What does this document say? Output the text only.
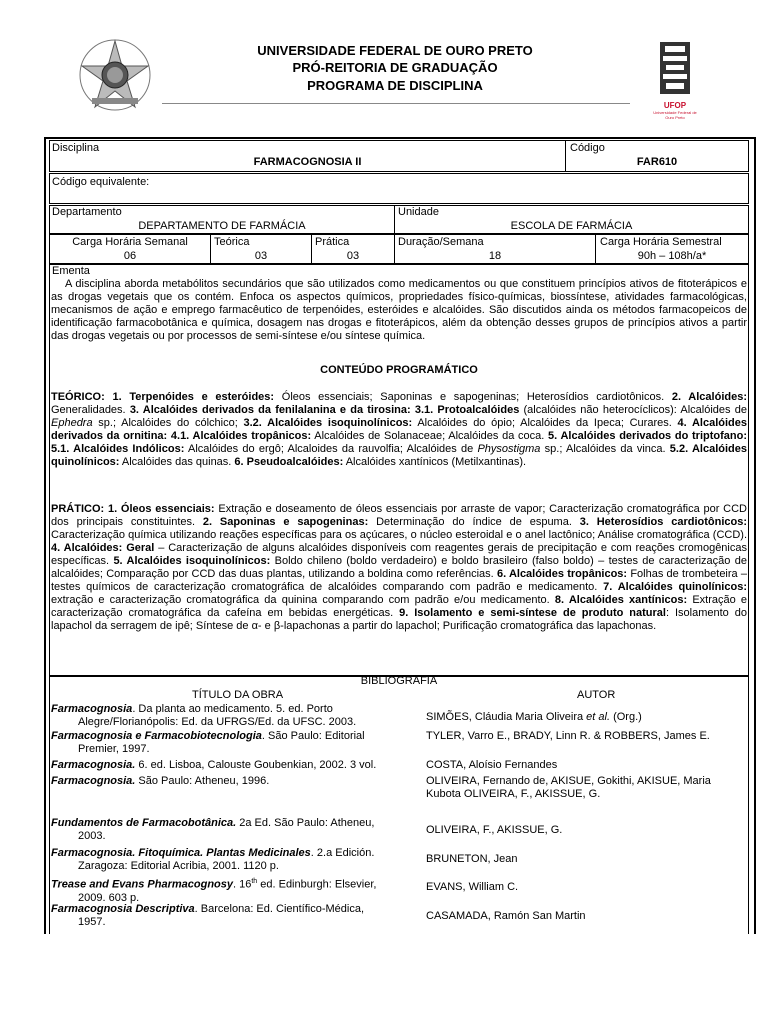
UNIVERSIDADE FEDERAL DE OURO PRETO
PRÓ-REITORIA DE GRADUAÇÃO
PROGRAMA DE DISCIPLINA
UFOP
Universidade Federal de Ouro Preto
Disciplina
FARMACOGNOSIA II
Código
FAR610
Código equivalente:
Departamento
DEPARTAMENTO DE FARMÁCIA
Unidade
ESCOLA DE FARMÁCIA
Carga Horária Semanal
06
Teórica
03
Prática
03
Duração/Semana
18
Carga Horária Semestral
90h – 108h/a*
Ementa
A disciplina aborda metabólitos secundários que são utilizados como medicamentos ou que constituem princípios ativos de fitoterápicos e as drogas vegetais que os contém. Enfoca os aspectos químicos, propriedades físico-químicas, biossíntese, atividades farmacológicas, mecanismos de ação e emprego farmacêutico de terpenóides, esteróides e alcalóides. São discutidos ainda os métodos farmacopeicos de identificação farmacobotânica e química, dosagem nas drogas e fitoterápicos, além da obtenção desses grupos de princípios ativos a partir das drogas vegetais ou por processos de semi-síntese e/ou síntese química.
CONTEÚDO PROGRAMÁTICO
TEÓRICO: 1. Terpenóides e esteróides: Óleos essenciais; Saponinas e sapogeninas; Heterosídios cardiotônicos. 2. Alcalóides: Generalidades. 3. Alcalóides derivados da fenilalanina e da tirosina: 3.1. Protoalcalóides (alcalóides não heterocíclicos): Alcalóides de Ephedra sp.; Alcalóides do cólchico; 3.2. Alcalóides isoquinolínicos: Alcalóides do ópio; Alcalóides da Ipeca; Curares. 4. Alcalóides derivados da ornitina: 4.1. Alcalóides tropânicos: Alcalóides de Solanaceae; Alcalóides da coca. 5. Alcalóides derivados do triptofano: 5.1. Alcalóides Indólicos: Alcalóides do ergô; Alcaloides da rauvolfia; Alcalóides de Physostigma sp.; Alcalóides da vinca. 5.2. Alcalóides quinolínicos: Alcalóides das quinas. 6. Pseudoalcalóides: Alcalóides xantínicos (Metilxantinas).
PRÁTICO: 1. Óleos essenciais: Extração e doseamento de óleos essenciais por arraste de vapor; Caracterização cromatográfica por CCD dos principais constituintes. 2. Saponinas e sapogeninas: Determinação do índice de espuma. 3. Heterosídios cardiotônicos: Caracterização química utilizando reações específicas para os açúcares, o núcleo esteroidal e o anel lactônico; Análise cromatográfica (CCD). 4. Alcalóides: Geral – Caracterização de alguns alcalóides disponíveis com reagentes gerais de precipitação e com reações cromogênicas específicas. 5. Alcalóides isoquinolínicos: Boldo chileno (boldo verdadeiro) e boldo brasileiro (falso boldo) – testes de caracterização de alcalóides; Comparação por CCD das duas plantas, utilizando a boldina como referências. 6. Alcalóides tropânicos: Folhas de trombeteira – testes químicos de caracterização cromatográfica de alcalóides comparando com padrão e medicamento. 7. Alcalóides quinolínicos: extração e caracterização cromatográfica da quinina comparando com padrão e/ou medicamento. 8. Alcalóides xantínicos: Extração e caracterização cromatográfica da cafeína em bebidas energéticas. 9. Isolamento e semi-síntese de produto natural: Isolamento do lapachol da serragem de ipê; Síntese de α- e β-lapachonas a partir do lapachol; Purificação cromatográfica das lapachonas.
BIBLIOGRAFIA
TÍTULO DA OBRA	AUTOR
Farmacognosia. Da planta ao medicamento. 5. ed. Porto
Alegre/Florianópolis: Ed. da UFRGS/Ed. da UFSC. 2003.	SIMÕES, Cláudia Maria Oliveira et al. (Org.)
Farmacognosia e Farmacobiotecnologia. São Paulo: Editorial
Premier, 1997.
TYLER, Varro E., BRADY, Linn R. & ROBBERS, James E.
Farmacognosia. 6. ed. Lisboa, Calouste Goubenkian, 2002. 3 vol.	COSTA, Aloísio Fernandes
Farmacognosia. São Paulo: Atheneu, 1996.	OLIVEIRA, Fernando de, AKISUE, Gokithi, AKISUE, Maria Kubota OLIVEIRA, F., AKISSUE, G.
Fundamentos de Farmacobotânica. 2a Ed. São Paulo: Atheneu,
2003.	OLIVEIRA, F., AKISSUE, G.
Farmacognosia. Fitoquímica. Plantas Medicinales. 2.a Edición.
Zaragoza: Editorial Acribia, 2001. 1120 p.
BRUNETON, Jean
Trease and Evans Pharmacognosy. 16th ed. Edinburgh: Elsevier,
2009. 603 p.
EVANS, William C.
Farmacognosia Descriptiva. Barcelona: Ed. Científico-Médica,
1957.	CASAMADA, Ramón San Martin
